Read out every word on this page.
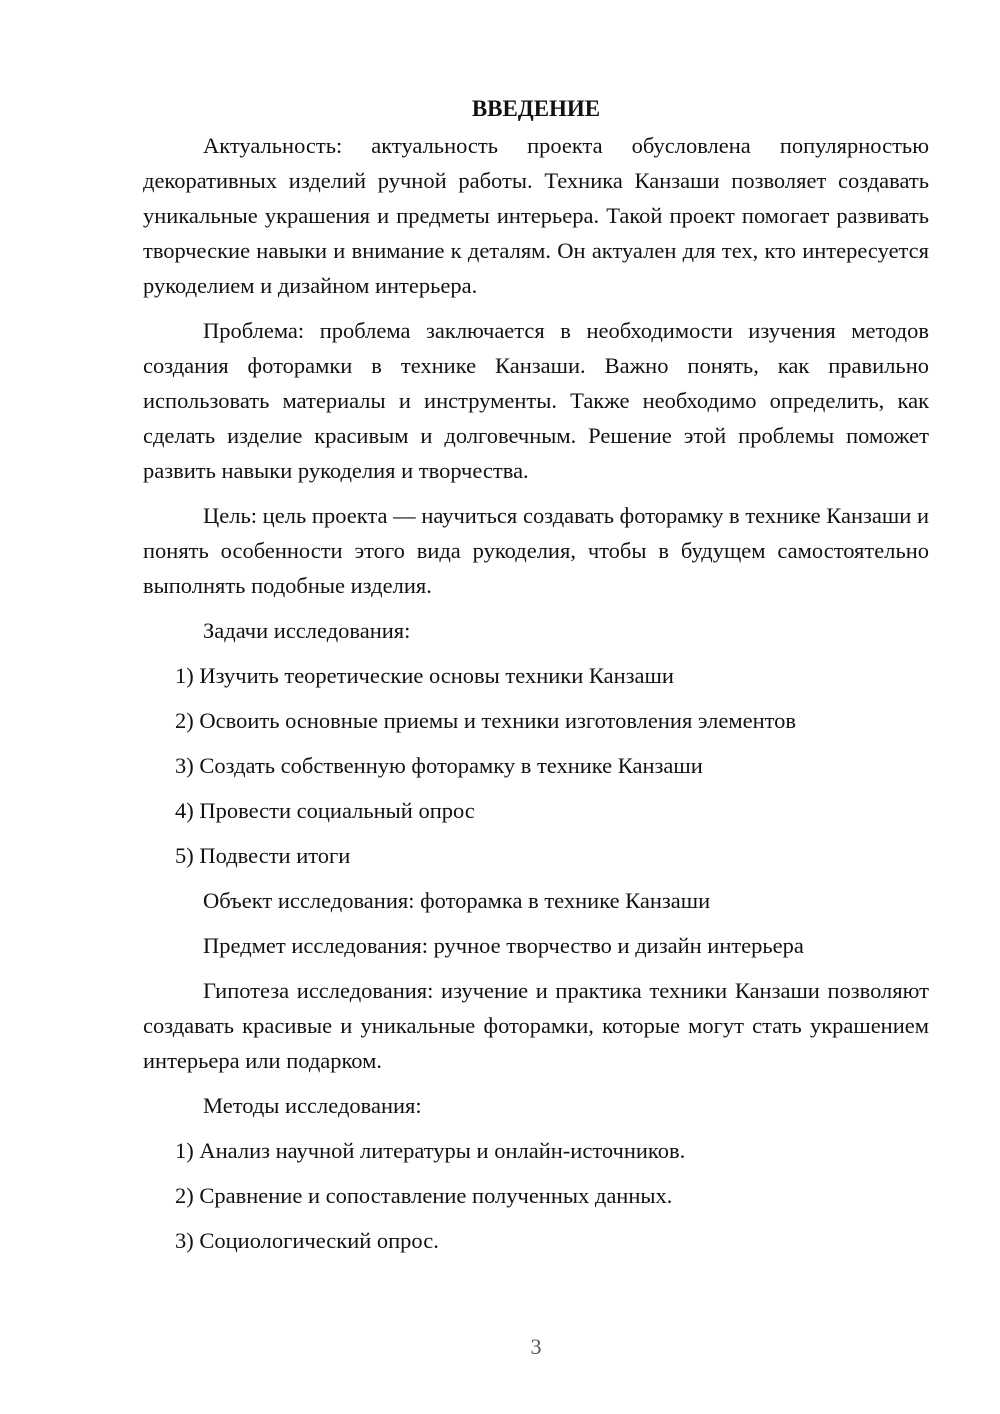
ВВЕДЕНИЕ

Актуальность: актуальность проекта обусловлена популярностью декоративных изделий ручной работы. Техника Канзаши позволяет создавать уникальные украшения и предметы интерьера. Такой проект помогает развивать творческие навыки и внимание к деталям. Он актуален для тех, кто интересуется рукоделием и дизайном интерьера.

Проблема: проблема заключается в необходимости изучения методов создания фоторамки в технике Канзаши. Важно понять, как правильно использовать материалы и инструменты. Также необходимо определить, как сделать изделие красивым и долговечным. Решение этой проблемы поможет развить навыки рукоделия и творчества.

Цель: цель проекта — научиться создавать фоторамку в технике Канзаши и понять особенности этого вида рукоделия, чтобы в будущем самостоятельно выполнять подобные изделия.

Задачи исследования:

1) Изучить теоретические основы техники Канзаши
2) Освоить основные приемы и техники изготовления элементов
3) Создать собственную фоторамку в технике Канзаши
4) Провести социальный опрос
5) Подвести итоги

Объект исследования: фоторамка в технике Канзаши

Предмет исследования: ручное творчество и дизайн интерьера

Гипотеза исследования: изучение и практика техники Канзаши позволяют создавать красивые и уникальные фоторамки, которые могут стать украшением интерьера или подарком.

Методы исследования:

1) Анализ научной литературы и онлайн-источников.
2) Сравнение и сопоставление полученных данных.
3) Социологический опрос.
3
